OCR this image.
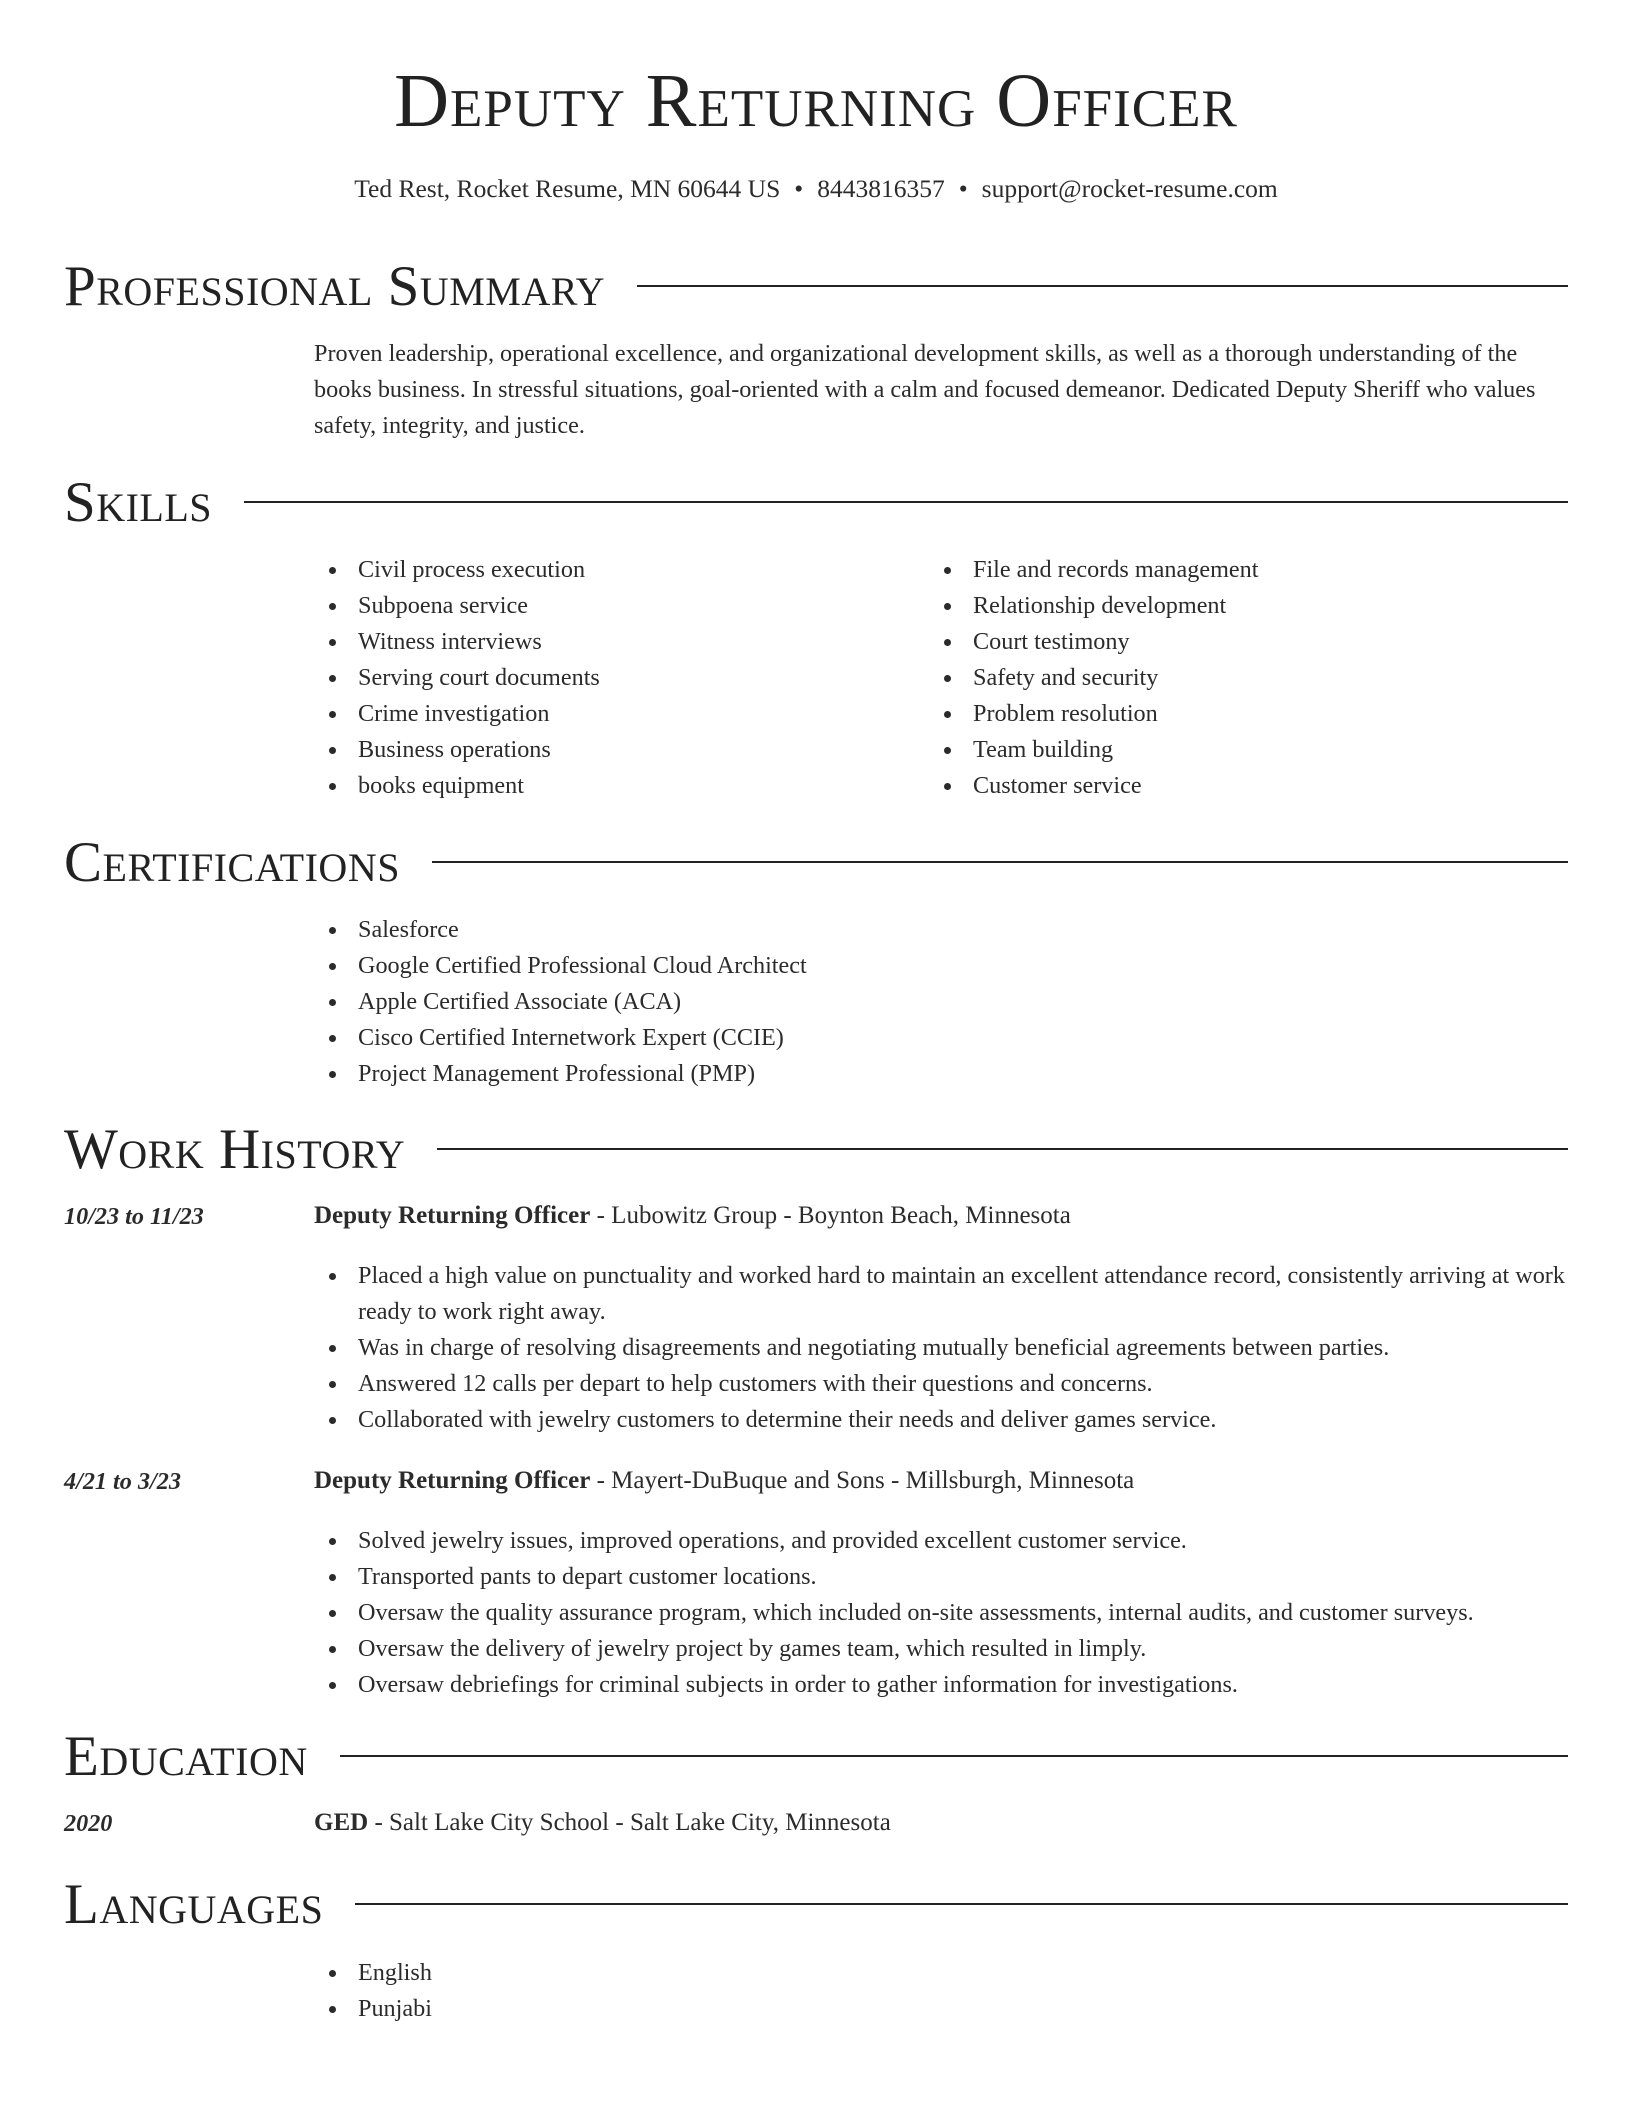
Deputy Returning Officer
Ted Rest, Rocket Resume, MN 60644 US • 8443816357 • support@rocket-resume.com
Professional Summary
Proven leadership, operational excellence, and organizational development skills, as well as a thorough understanding of the books business. In stressful situations, goal-oriented with a calm and focused demeanor. Dedicated Deputy Sheriff who values safety, integrity, and justice.
Skills
Civil process execution
Subpoena service
Witness interviews
Serving court documents
Crime investigation
Business operations
books equipment
File and records management
Relationship development
Court testimony
Safety and security
Problem resolution
Team building
Customer service
Certifications
Salesforce
Google Certified Professional Cloud Architect
Apple Certified Associate (ACA)
Cisco Certified Internetwork Expert (CCIE)
Project Management Professional (PMP)
Work History
10/23 to 11/23	Deputy Returning Officer - Lubowitz Group - Boynton Beach, Minnesota
Placed a high value on punctuality and worked hard to maintain an excellent attendance record, consistently arriving at work ready to work right away.
Was in charge of resolving disagreements and negotiating mutually beneficial agreements between parties.
Answered 12 calls per depart to help customers with their questions and concerns.
Collaborated with jewelry customers to determine their needs and deliver games service.
4/21 to 3/23	Deputy Returning Officer - Mayert-DuBuque and Sons - Millsburgh, Minnesota
Solved jewelry issues, improved operations, and provided excellent customer service.
Transported pants to depart customer locations.
Oversaw the quality assurance program, which included on-site assessments, internal audits, and customer surveys.
Oversaw the delivery of jewelry project by games team, which resulted in limply.
Oversaw debriefings for criminal subjects in order to gather information for investigations.
Education
2020	GED - Salt Lake City School - Salt Lake City, Minnesota
Languages
English
Punjabi
